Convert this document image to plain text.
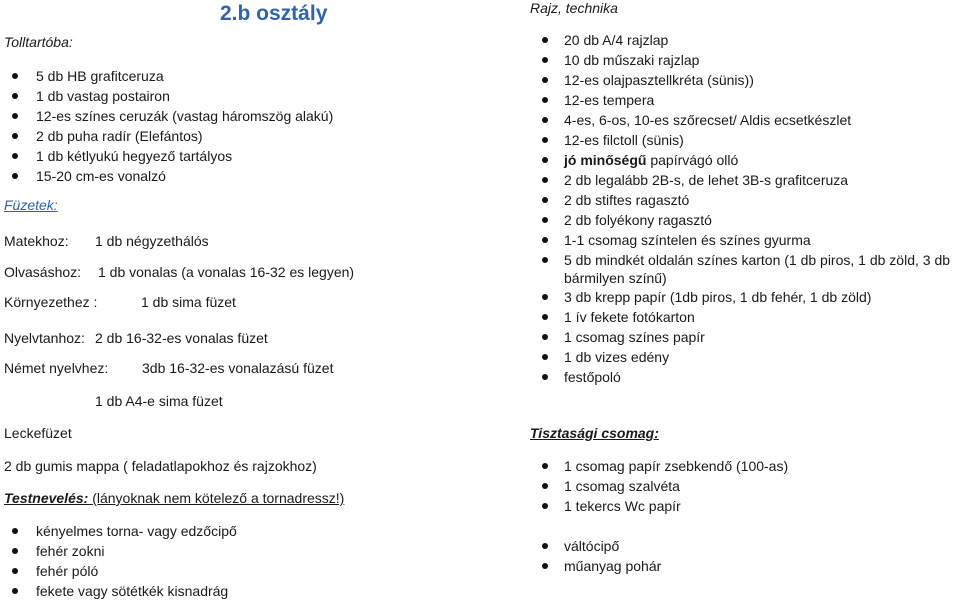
2.b osztály
Tolltartóba:
5 db HB grafitceruza
1 db vastag postairon
12-es színes ceruzák (vastag háromszög alakú)
2 db puha radír (Elefántos)
1 db kétlyukú hegyező tartályos
15-20 cm-es vonalzó
Füzetek:
Matekhoz: 1 db négyzethálós
Olvasáshoz: 1 db vonalas (a vonalas 16-32 es legyen)
Környezethez :	1 db sima füzet
Nyelvtanhoz: 2 db 16-32-es vonalas füzet
Német nyelvhez: 3db 16-32-es vonalazású füzet
1 db A4-e sima füzet
Leckefüzet
2 db gumis mappa ( feladatlapokhoz és rajzokhoz)
Testnevelés: (lányoknak nem kötelező a tornadressz!)
kényelmes torna- vagy edzőcipő
fehér zokni
fehér póló
fekete vagy sötétkék kisnadrág
Rajz, technika
20 db A/4 rajzlap
10 db műszaki rajzlap
12-es olajpasztellkréta (sünis))
12-es tempera
4-es, 6-os, 10-es szőrecset/ Aldis ecsetkészlet
12-es filctoll (sünis)
jó minőségű papírvágó olló
2 db legalább 2B-s, de lehet 3B-s grafitceruza
2 db stiftes ragasztó
2 db folyékony ragasztó
1-1 csomag színtelen és színes gyurma
5 db mindkét oldalán színes karton (1 db piros, 1 db zöld, 3 db
bármilyen színű)
3 db krepp papír (1db piros, 1 db fehér, 1 db zöld)
1 ív fekete fotókarton
1 csomag színes papír
1 db vizes edény
festőpoló
Tisztasági csomag:
1 csomag papír zsebkendő (100-as)
1 csomag szalvéta
1 tekercs Wc papír
váltócipő
műanyag pohár
